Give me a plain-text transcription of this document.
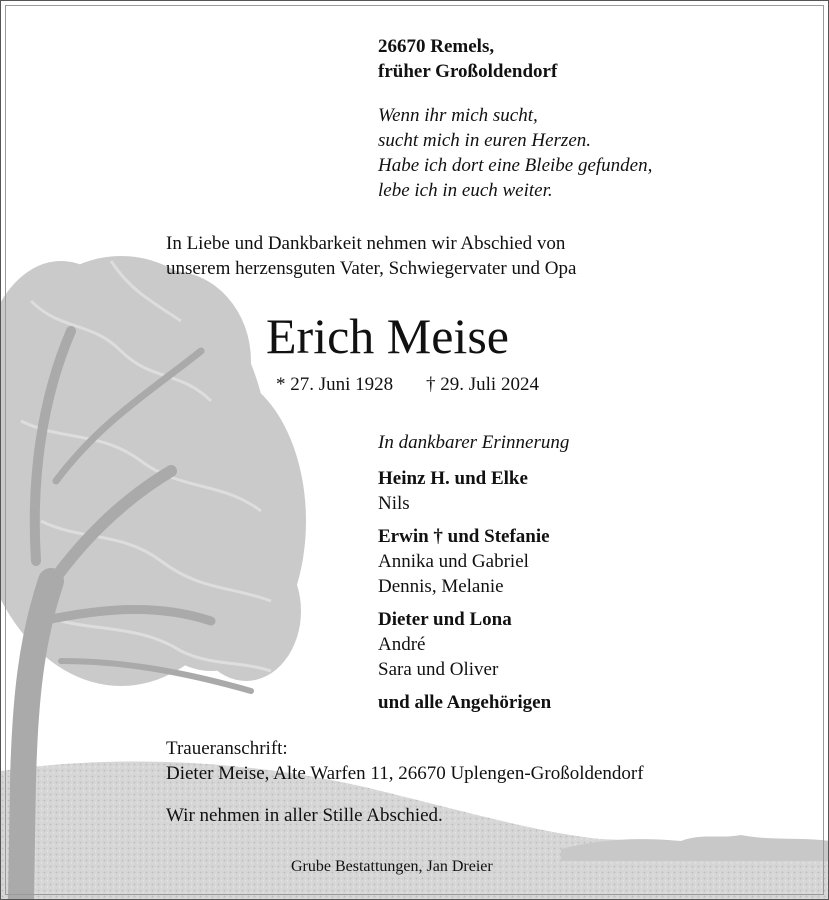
26670 Remels,
früher Großoldendorf
Wenn ihr mich sucht,
sucht mich in euren Herzen.
Habe ich dort eine Bleibe gefunden,
lebe ich in euch weiter.
In Liebe und Dankbarkeit nehmen wir Abschied von
unserem herzensguten Vater, Schwiegervater und Opa
Erich Meise
* 27. Juni 1928 † 29. Juli 2024
In dankbarer Erinnerung
Heinz H. und Elke
Nils
Erwin † und Stefanie
Annika und Gabriel
Dennis, Melanie
Dieter und Lona
André
Sara und Oliver
und alle Angehörigen
Traueranschrift:
Dieter Meise, Alte Warfen 11, 26670 Uplengen-Großoldendorf
Wir nehmen in aller Stille Abschied.
Grube Bestattungen, Jan Dreier
